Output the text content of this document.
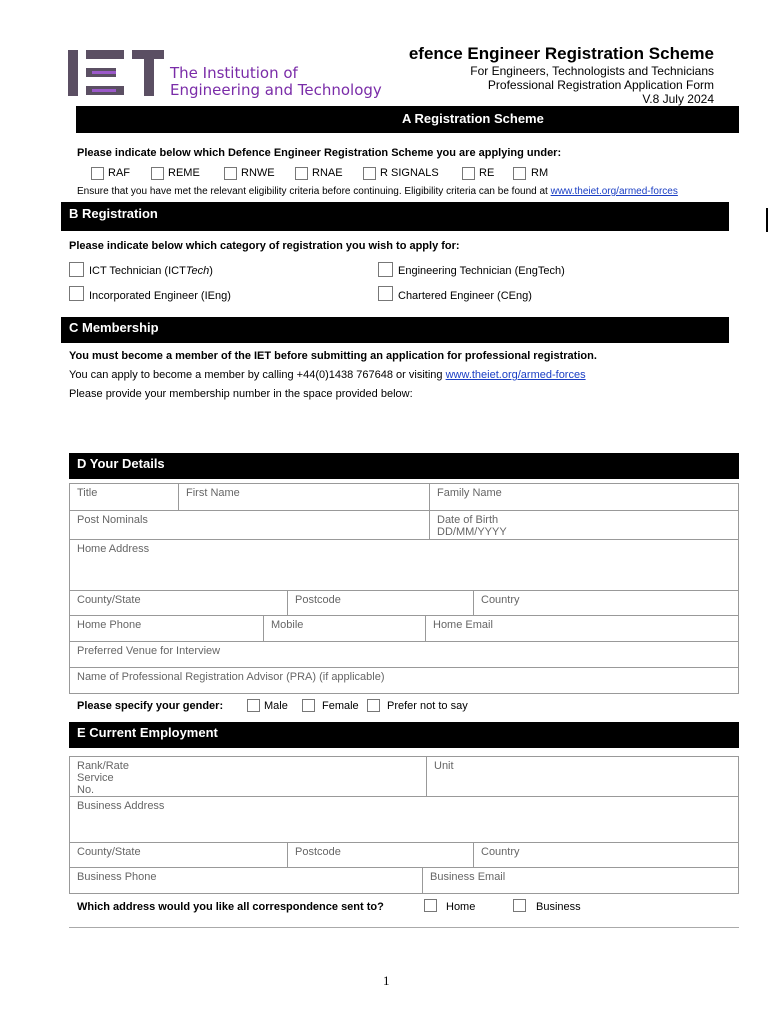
The Institution of
Engineering and Technology
efence Engineer Registration Scheme
For Engineers, Technologists and Technicians
Professional Registration Application Form
V.8 July 2024
A Registration Scheme
Please indicate below which Defence Engineer Registration Scheme you are applying under:
RAF	REME	RNWE	RNAE	R SIGNALS	RE	RM
Ensure that you have met the relevant eligibility criteria before continuing. Eligibility criteria can be found at www.theiet.org/armed-forces
B Registration
Please indicate below which category of registration you wish to apply for:
ICT Technician (ICTTech)	Engineering Technician (EngTech)
Incorporated Engineer (IEng)	Chartered Engineer (CEng)
C Membership
You must become a member of the IET before submitting an application for professional registration.
You can apply to become a member by calling +44(0)1438 767648 or visiting www.theiet.org/armed-forces
Please provide your membership number in the space provided below:
D Your Details
Title	First Name	Family Name
Post Nominals	Date of Birth
DD/MM/YYYY
Home Address
County/State	Postcode	Country
Home Phone	Mobile	Home Email
Preferred Venue for Interview
Name of Professional Registration Advisor (PRA) (if applicable)
Please specify your gender:	Male	Female	Prefer not to say
E Current Employment
Rank/Rate
Service
No.
Unit
Business Address
County/State	Postcode	Country
Business Phone	Business Email
Which address would you like all correspondence sent to?	Home	Business
1
